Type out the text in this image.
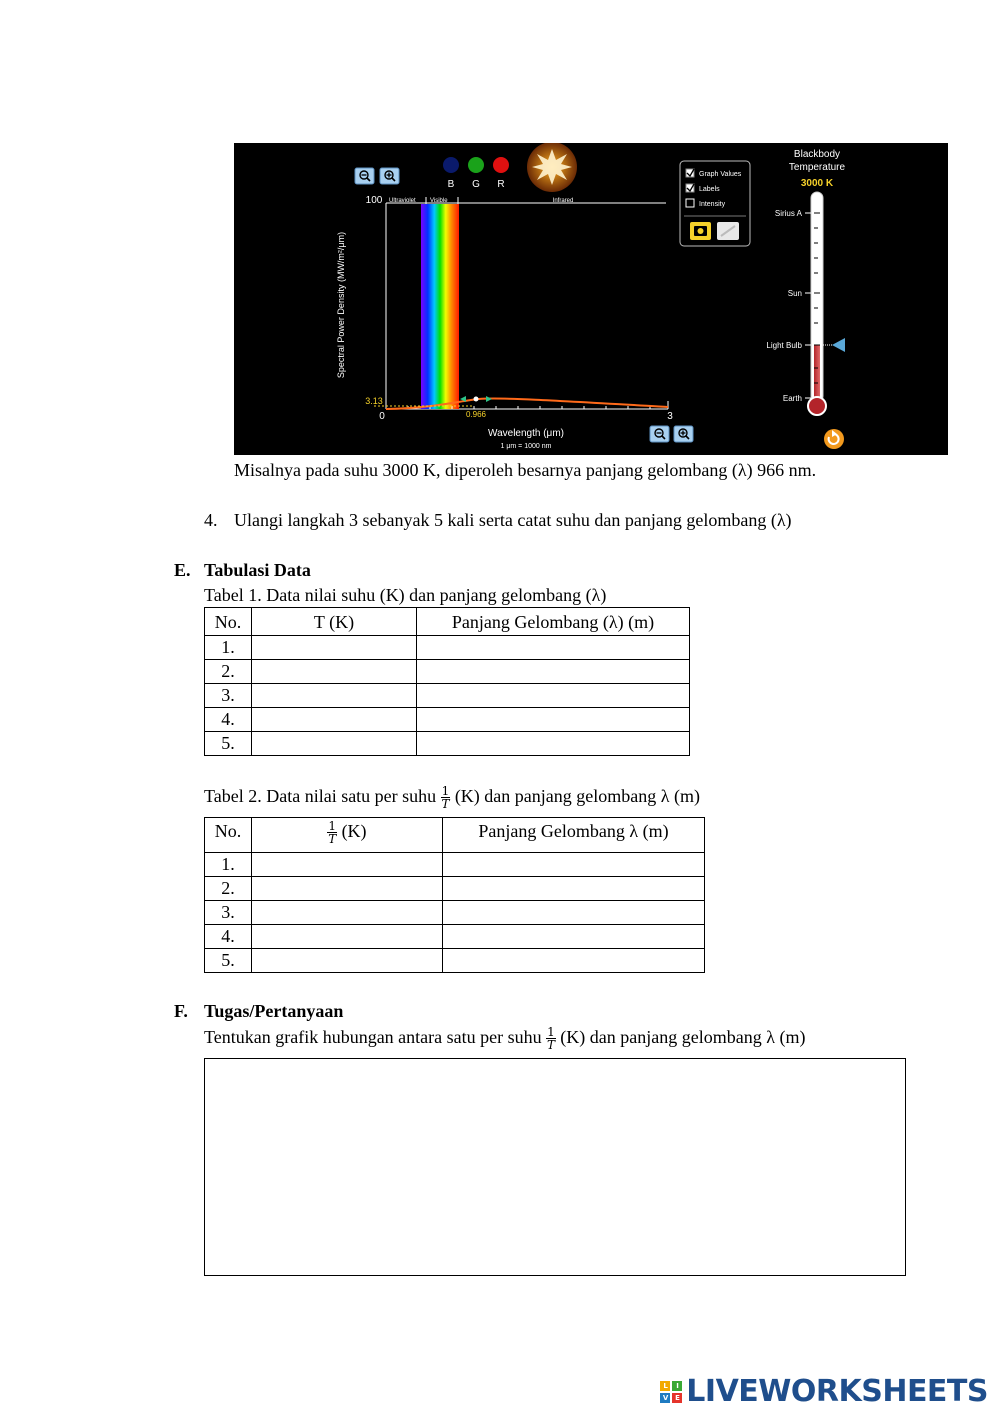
B G R
100
3.13
0	3
0.966
Wavelength (μm)
1 μm = 1000 nm
Ultraviolet Visible	Infrared
Spectral Power Density (MW/m²/μm)
Graph Values
Labels
Intensity
Blackbody
Temperature
3000 K
Sirius A
Sun
Light Bulb
Earth
Misalnya pada suhu 3000 K, diperoleh besarnya panjang gelombang (λ) 966 nm.
4. Ulangi langkah 3 sebanyak 5 kali serta catat suhu dan panjang gelombang (λ)
E. Tabulasi Data
Tabel 1. Data nilai suhu (K) dan panjang gelombang (λ)
No.	T (K)	Panjang Gelombang (λ) (m)
1.		
2.		
3.		
4.		
5.		
Tabel 2. Data nilai satu per suhu $\frac{1}{T} (K)$ dan panjang gelombang λ (m)
No.	$\frac{1}{T} (K)$	Panjang Gelombang λ (m)
1.		
2.		
3.		
4.		
5.		
F. Tugas/Pertanyaan
Tentukan grafik hubungan antara satu per suhu $\frac{1}{T} (K)$ dan panjang gelombang λ (m)
L	I
V	E LIVEWORKSHEETS
